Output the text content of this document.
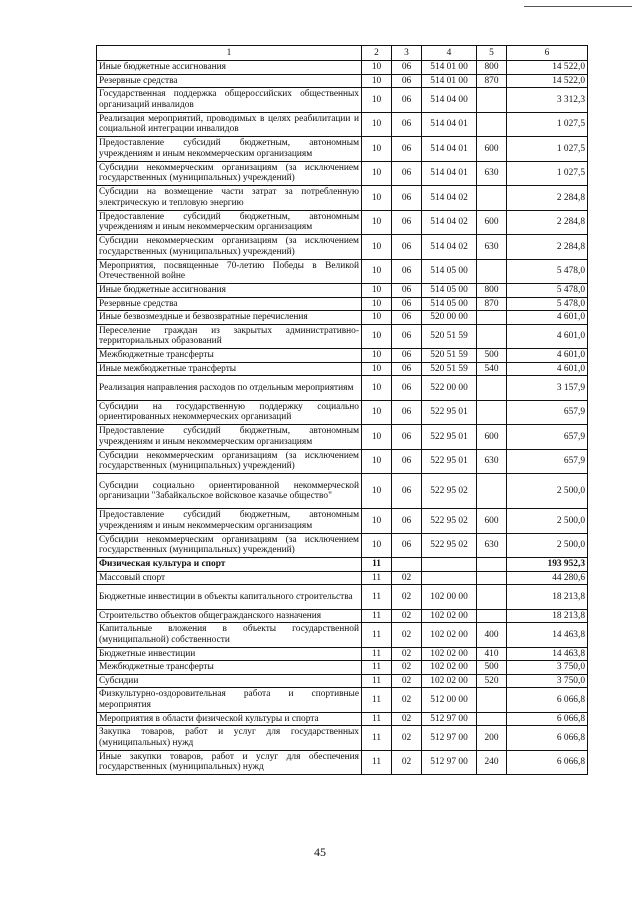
1	2	3	4	5	6
Иные бюджетные ассигнования	10	06	514 01 00	800	14 522,0
Резервные средства	10	06	514 01 00	870	14 522,0
Государственная поддержка общероссийских общественных организаций инвалидов	10	06	514 04 00		3 312,3
Реализация мероприятий, проводимых в целях реабилитации и социальной интеграции инвалидов	10	06	514 04 01		1 027,5
Предоставление субсидий бюджетным, автономным учреждениям и иным некоммерческим организациям	10	06	514 04 01	600	1 027,5
Субсидии некоммерческим организациям (за исключением государственных (муниципальных) учреждений)	10	06	514 04 01	630	1 027,5
Субсидии на возмещение части затрат за потребленную электрическую и тепловую энергию	10	06	514 04 02		2 284,8
Предоставление субсидий бюджетным, автономным учреждениям и иным некоммерческим организациям	10	06	514 04 02	600	2 284,8
Субсидии некоммерческим организациям (за исключением государственных (муниципальных) учреждений)	10	06	514 04 02	630	2 284,8
Мероприятия, посвященные 70-летию Победы в Великой Отечественной войне	10	06	514 05 00		5 478,0
Иные бюджетные ассигнования	10	06	514 05 00	800	5 478,0
Резервные средства	10	06	514 05 00	870	5 478,0
Иные безвозмездные и безвозвратные перечисления	10	06	520 00 00		4 601,0
Переселение граждан из закрытых административно-территориальных образований	10	06	520 51 59		4 601,0
Межбюджетные трансферты	10	06	520 51 59	500	4 601,0
Иные межбюджетные трансферты	10	06	520 51 59	540	4 601,0
Реализация направления расходов по отдельным мероприятиям	10	06	522 00 00		3 157,9
Субсидии на государственную поддержку социально ориентированных некоммерческих организаций	10	06	522 95 01		657,9
Предоставление субсидий бюджетным, автономным учреждениям и иным некоммерческим организациям	10	06	522 95 01	600	657,9
Субсидии некоммерческим организациям (за исключением государственных (муниципальных) учреждений)	10	06	522 95 01	630	657,9
Субсидии социально ориентированной некоммерческой организации "Забайкальское войсковое казачье общество"	10	06	522 95 02		2 500,0
Предоставление субсидий бюджетным, автономным учреждениям и иным некоммерческим организациям	10	06	522 95 02	600	2 500,0
Субсидии некоммерческим организациям (за исключением государственных (муниципальных) учреждений)	10	06	522 95 02	630	2 500,0
Физическая культура и спорт	11				193 952,3
Массовый спорт	11	02			44 280,6
Бюджетные инвестиции в объекты капитального строительства	11	02	102 00 00		18 213,8
Строительство объектов общегражданского назначения	11	02	102 02 00		18 213,8
Капитальные вложения в объекты государственной (муниципальной) собственности	11	02	102 02 00	400	14 463,8
Бюджетные инвестиции	11	02	102 02 00	410	14 463,8
Межбюджетные трансферты	11	02	102 02 00	500	3 750,0
Субсидии	11	02	102 02 00	520	3 750,0
Физкультурно-оздоровительная работа и спортивные мероприятия	11	02	512 00 00		6 066,8
Мероприятия в области физической культуры и спорта	11	02	512 97 00		6 066,8
Закупка товаров, работ и услуг для государственных (муниципальных) нужд	11	02	512 97 00	200	6 066,8
Иные закупки товаров, работ и услуг для обеспечения государственных (муниципальных) нужд	11	02	512 97 00	240	6 066,8
45
